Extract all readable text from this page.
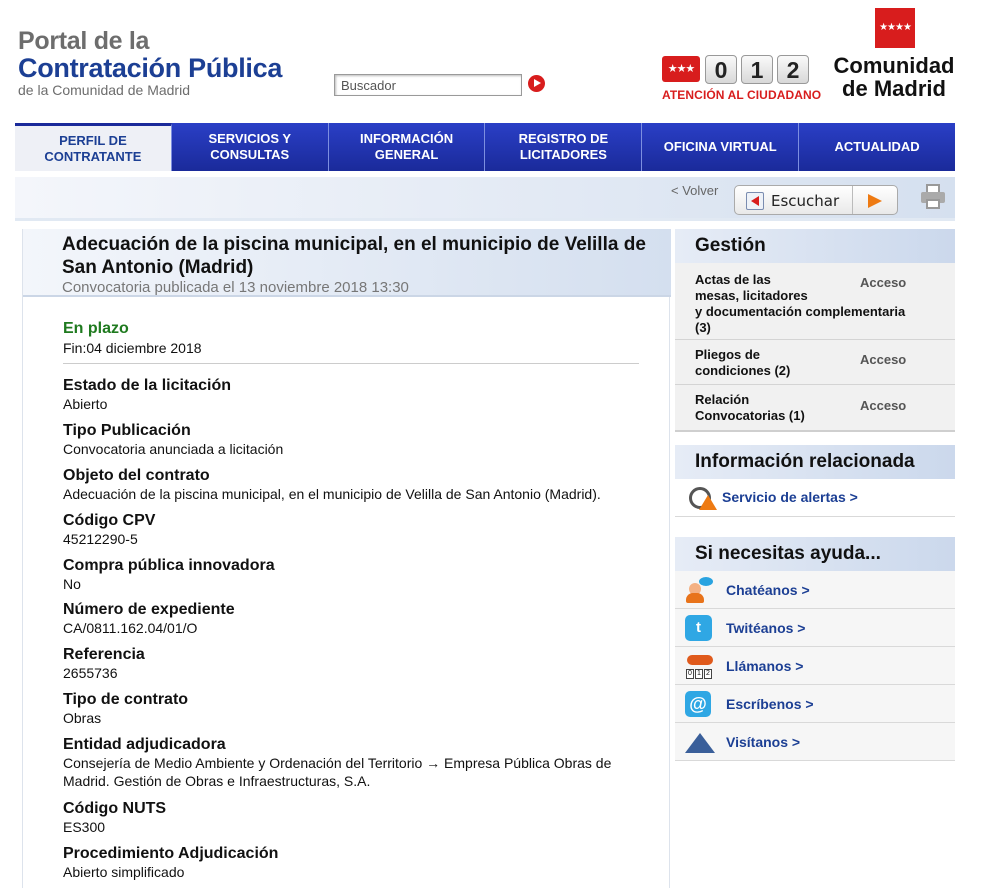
Portal de la
Contratación Pública
de la Comunidad de Madrid
Buscador
★★★ 0	1	2
ATENCIÓN AL CIUDADANO
★★★★
Comunidad
de Madrid
PERFIL DE
CONTRATANTE
SERVICIOS Y
CONSULTAS
INFORMACIÓN
GENERAL
REGISTRO DE
LICITADORES
OFICINA VIRTUAL	ACTUALIDAD
< Volver
Escuchar
Adecuación de la piscina municipal, en el municipio de Velilla de San Antonio (Madrid)
Convocatoria publicada el 13 noviembre 2018 13:30
En plazo
Fin:04 diciembre 2018
Estado de la licitación
Abierto
Tipo Publicación
Convocatoria anunciada a licitación
Objeto del contrato
Adecuación de la piscina municipal, en el municipio de Velilla de San Antonio (Madrid).
Código CPV
45212290-5
Compra pública innovadora
No
Número de expediente
CA/0811.162.04/01/O
Referencia
2655736
Tipo de contrato
Obras
Entidad adjudicadora
Consejería de Medio Ambiente y Ordenación del Territorio → Empresa Pública Obras de Madrid. Gestión de Obras e Infraestructuras, S.A.
Código NUTS
ES300
Procedimiento Adjudicación
Abierto simplificado
Gestión
Actas de las
mesas, licitadores
y documentación complementaria
(3)
Acceso
Pliegos de
condiciones (2)
Acceso
Relación
Convocatorias (1)
Acceso
Información relacionada
Servicio de alertas >
Si necesitas ayuda...
Chatéanos >
t	Twitéanos >
0 1 2 Llámanos >
@	Escríbenos >
Visítanos >
